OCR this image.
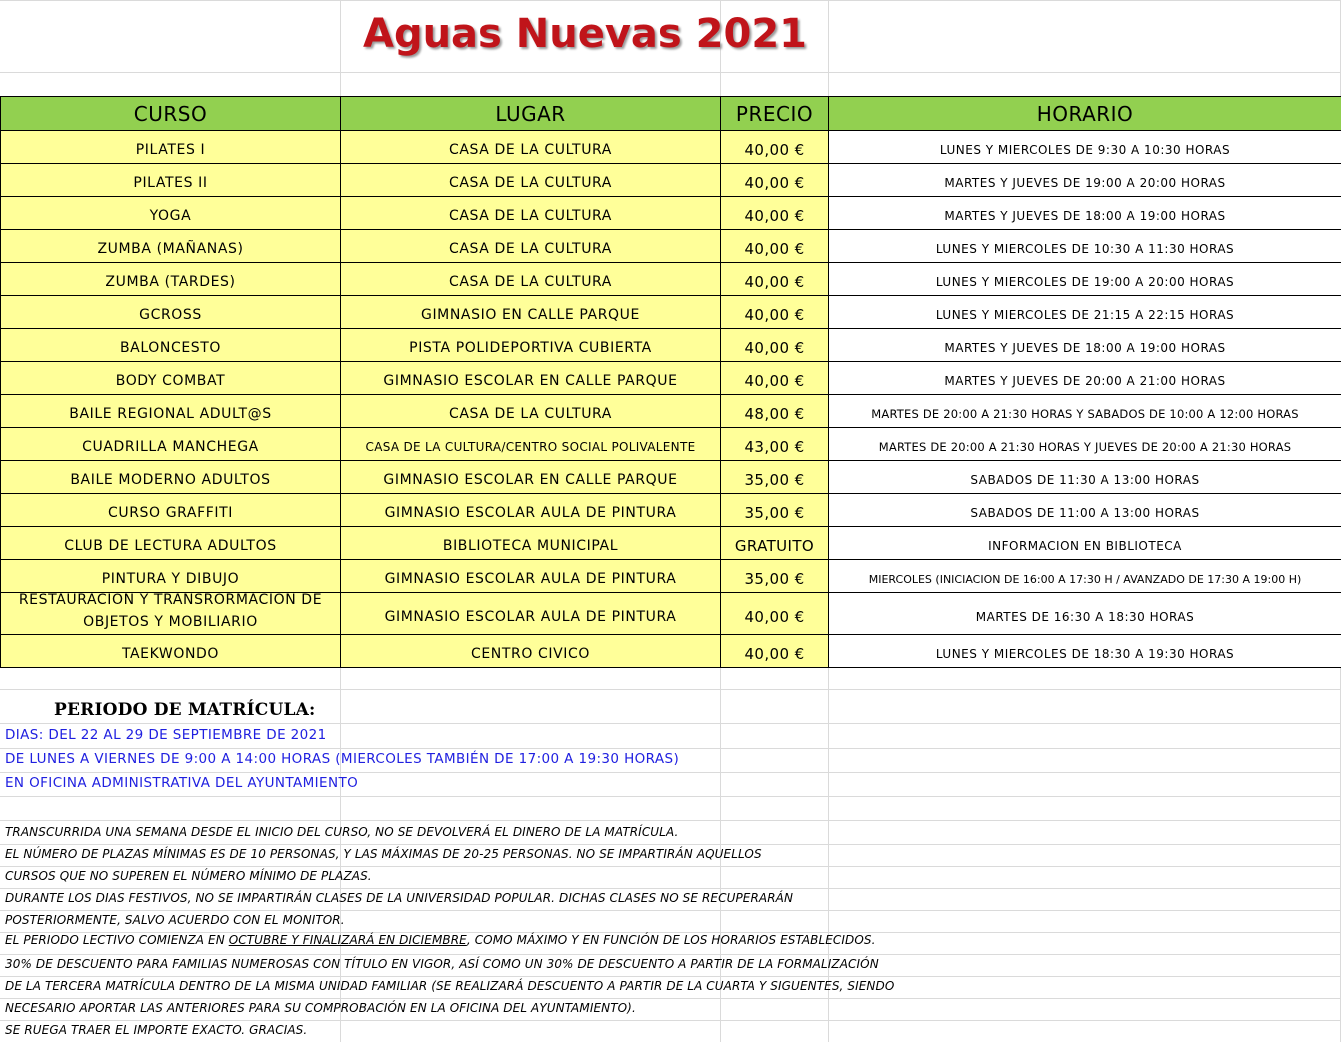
Aguas Nuevas 2021
CURSO	LUGAR	PRECIO	HORARIO
PILATES I	CASA DE LA CULTURA	40,00 €	LUNES Y MIERCOLES DE 9:30 A 10:30 HORAS
PILATES II	CASA DE LA CULTURA	40,00 €	MARTES Y JUEVES DE 19:00 A 20:00 HORAS
YOGA	CASA DE LA CULTURA	40,00 €	MARTES Y JUEVES DE 18:00 A 19:00 HORAS
ZUMBA (MAÑANAS)	CASA DE LA CULTURA	40,00 €	LUNES Y MIERCOLES DE 10:30 A 11:30 HORAS
ZUMBA (TARDES)	CASA DE LA CULTURA	40,00 €	LUNES Y MIERCOLES DE 19:00 A 20:00 HORAS
GCROSS	GIMNASIO EN CALLE PARQUE	40,00 €	LUNES Y MIERCOLES DE 21:15 A 22:15 HORAS
BALONCESTO	PISTA POLIDEPORTIVA CUBIERTA	40,00 €	MARTES Y JUEVES DE 18:00 A 19:00 HORAS
BODY COMBAT	GIMNASIO ESCOLAR EN CALLE PARQUE	40,00 €	MARTES Y JUEVES DE 20:00 A 21:00 HORAS
BAILE REGIONAL ADULT@S	CASA DE LA CULTURA	48,00 €	MARTES DE 20:00 A 21:30 HORAS Y SABADOS DE 10:00 A 12:00 HORAS
CUADRILLA MANCHEGA	CASA DE LA CULTURA/CENTRO SOCIAL POLIVALENTE	43,00 €	MARTES DE 20:00 A 21:30 HORAS Y JUEVES DE 20:00 A 21:30 HORAS
BAILE MODERNO ADULTOS	GIMNASIO ESCOLAR EN CALLE PARQUE	35,00 €	SABADOS DE 11:30 A 13:00 HORAS
CURSO GRAFFITI	GIMNASIO ESCOLAR AULA DE PINTURA	35,00 €	SABADOS DE 11:00 A 13:00 HORAS
CLUB DE LECTURA ADULTOS	BIBLIOTECA MUNICIPAL	GRATUITO	INFORMACION EN BIBLIOTECA
PINTURA Y DIBUJO	GIMNASIO ESCOLAR AULA DE PINTURA	35,00 €	MIERCOLES (INICIACION DE 16:00 A 17:30 H / AVANZADO DE 17:30 A 19:00 H)

RESTAURACION Y TRANSRORMACION DE
OBJETOS Y MOBILIARIO	GIMNASIO ESCOLAR AULA DE PINTURA	40,00 €	MARTES DE 16:30 A 18:30 HORAS
TAEKWONDO	CENTRO CIVICO	40,00 €	LUNES Y MIERCOLES DE 18:30 A 19:30 HORAS
PERIODO DE MATRÍCULA:
DIAS: DEL 22 AL 29 DE SEPTIEMBRE DE 2021
DE LUNES A VIERNES DE 9:00 A 14:00 HORAS (MIERCOLES TAMBIÉN DE 17:00 A 19:30 HORAS)
EN OFICINA ADMINISTRATIVA DEL AYUNTAMIENTO
TRANSCURRIDA UNA SEMANA DESDE EL INICIO DEL CURSO, NO SE DEVOLVERÁ EL DINERO DE LA MATRÍCULA.
EL NÚMERO DE PLAZAS MÍNIMAS ES DE 10 PERSONAS, Y LAS MÁXIMAS DE 20-25 PERSONAS. NO SE IMPARTIRÁN AQUELLOS
CURSOS QUE NO SUPEREN EL NÚMERO MÍNIMO DE PLAZAS.
DURANTE LOS DIAS FESTIVOS, NO SE IMPARTIRÁN CLASES DE LA UNIVERSIDAD POPULAR. DICHAS CLASES NO SE RECUPERARÁN
POSTERIORMENTE, SALVO ACUERDO CON EL MONITOR.
EL PERIODO LECTIVO COMIENZA EN OCTUBRE Y FINALIZARÁ EN DICIEMBRE, COMO MÁXIMO Y EN FUNCIÓN DE LOS HORARIOS ESTABLECIDOS.
30% DE DESCUENTO PARA FAMILIAS NUMEROSAS CON TÍTULO EN VIGOR, ASÍ COMO UN 30% DE DESCUENTO A PARTIR DE LA FORMALIZACIÓN
DE LA TERCERA MATRÍCULA DENTRO DE LA MISMA UNIDAD FAMILIAR (SE REALIZARÁ DESCUENTO A PARTIR DE LA CUARTA Y SIGUENTES, SIENDO
NECESARIO APORTAR LAS ANTERIORES PARA SU COMPROBACIÓN EN LA OFICINA DEL AYUNTAMIENTO).
SE RUEGA TRAER EL IMPORTE EXACTO. GRACIAS.
